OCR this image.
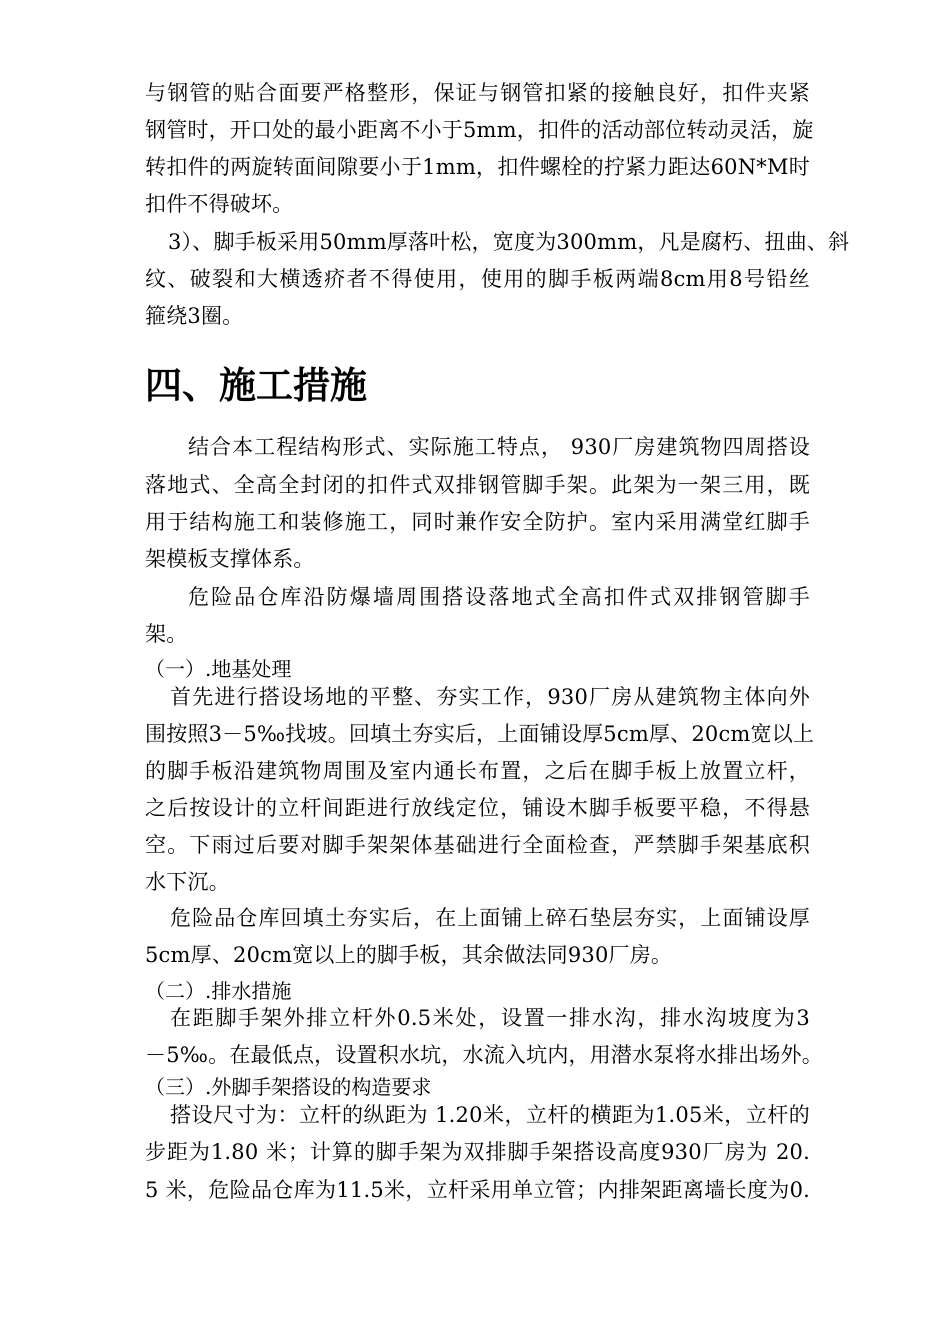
与钢管的贴合面要严格整形，保证与钢管扣紧的接触良好，扣件夹紧
钢管时，开口处的最小距离不小于5mm，扣件的活动部位转动灵活，旋
转扣件的两旋转面间隙要小于1mm，扣件螺栓的拧紧力距达60N*M时
扣件不得破坏。
3）、脚手板采用50mm厚落叶松，宽度为300mm，凡是腐朽、扭曲、斜
纹、破裂和大横透疥者不得使用，使用的脚手板两端8cm用8号铅丝
箍绕3圈。
四、施工措施
结合本工程结构形式、实际施工特点， 930厂房建筑物四周搭设
落地式、全高全封闭的扣件式双排钢管脚手架。此架为一架三用，既
用于结构施工和装修施工，同时兼作安全防护。室内采用满堂红脚手
架模板支撑体系。
危险品仓库沿防爆墙周围搭设落地式全高扣件式双排钢管脚手
架。
（一）.地基处理
首先进行搭设场地的平整、夯实工作，930厂房从建筑物主体向外
围按照3－5‰找坡。回填土夯实后，上面铺设厚5cm厚、20cm宽以上
的脚手板沿建筑物周围及室内通长布置，之后在脚手板上放置立杆，
之后按设计的立杆间距进行放线定位，铺设木脚手板要平稳，不得悬
空。下雨过后要对脚手架架体基础进行全面检查，严禁脚手架基底积
水下沉。
危险品仓库回填土夯实后，在上面铺上碎石垫层夯实，上面铺设厚
5cm厚、20cm宽以上的脚手板，其余做法同930厂房。
（二）.排水措施
在距脚手架外排立杆外0.5米处，设置一排水沟，排水沟坡度为3
－5‰。在最低点，设置积水坑，水流入坑内，用潜水泵将水排出场外。
（三）.外脚手架搭设的构造要求
搭设尺寸为：立杆的纵距为 1.20米，立杆的横距为1.05米，立杆的
步距为1.80 米；计算的脚手架为双排脚手架搭设高度930厂房为 20.
5 米，危险品仓库为11.5米，立杆采用单立管；内排架距离墙长度为0.
